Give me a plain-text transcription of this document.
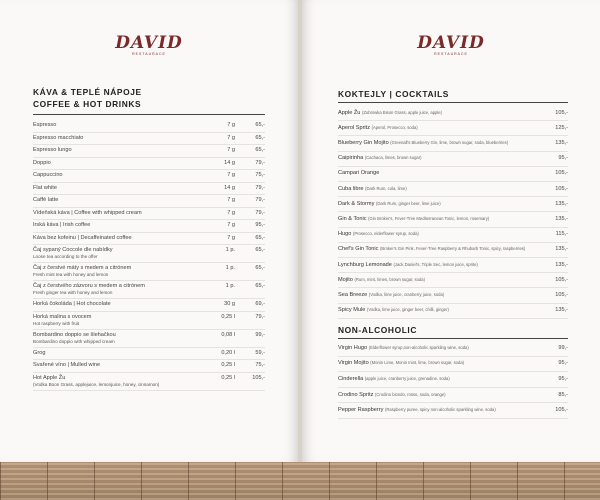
DAVID
RESTAURACE
KÁVA & TEPLÉ NÁPOJE
COFFEE & HOT DRINKS
Espresso	7 g	65,-
Espresso macchiato	7 g	65,-
Espresso lungo	7 g	65,-
Doppio	14 g	79,-
Cappuccino	7 g	75,-
Flat white	14 g	79,-
Caffè latte	7 g	79,-
Vídeňská káva | Coffee with whipped cream	7 g	79,-
Irská káva | Irish coffee	7 g	95,-
Káva bez kofeinu | Decaffeinated coffee	7 g	65,-
Čaj sypaný Coccole dle nabídky
Loose tea according to the offer
1 p.	65,-
Čaj z čerstvé máty s medem a citrónem
Fresh mint tea with honey and lemon
1 p.	65,-
Čaj z čerstvého zázvoru s medem a citrónem
Fresh ginger tea with honey and lemon
1 p.	65,-
Horká čokoláda | Hot chocolate	30 g	69,-
Horká malina s ovocem
Hot raspberry with fruit
0,25 l	79,-
Bombardino doppio se šlehačkou
Bombardino doppio with whipped cream
0,08 l	99,-
Grog	0,20 l	59,-
Svařené víno | Mulled wine	0,25 l	75,-
Hot Apple Žu
(Vodka Boon Grass, applejuice, lemonjuice, honey, cinnamon)
0,25 l	105,-
DAVID
RESTAURACE
KOKTEJLY | COCKTAILS
Apple Žu (Zubrowka Bison Grass, apple juice, apple)	105,-
Aperol Spritz (Aperol, Prosecco, soda)	125,-
Blueberry Gin Mojito (Greenall's Blueberry Gin, lime, brown sugar, soda, blueberries)	135,-
Caipirinha (Cachaca, limes, brown sugar)	95,-
Campari Orange	105,-
Cuba libre (Dark Rum, cola, lime)	105,-
Dark & Stormy (Dark Rum, ginger beer, lime juice)	135,-
Gin & Tonic (Gin Broker's, Fever-Tree Mediterranean Tonic, lemon, rosemary)	135,-
Hugo (Prosecco, elderflower syrup, soda)	115,-
Chef's Gin Tonic (Broker's Gin Pink, Fever-Tree Raspberry & Rhubarb Tonic, spicy, raspberries)	135,-
Lynchburg Lemonade (Jack Daniel's, Triple Sec, lemon juice, sprite)	135,-
Mojito (Rum, mint, limes, brown sugar, soda)	105,-
Sea Breeze (Vodka, lime juice, cranberry juice, soda)	105,-
Spicy Mule (Vodka, lime juice, ginger beer, chilli, ginger)	135,-
NON-ALCOHOLIC
Virgin Hugo (Elderflower syrup,non-alcoholic sparkling wine, soda)	99,-
Virgin Mojito (Monin Lime, Monin mint, lime, brown sugar, soda)	95,-
Cinderella (apple juice, cranberry juice, grenadine, soda)	95,-
Crodino Spritz (Crodino biondo, rosso, soda, orange)	85,-
Pepper Raspberry (Raspberry puree, spicy non-alcoholic sparkling wine, soda)	105,-
